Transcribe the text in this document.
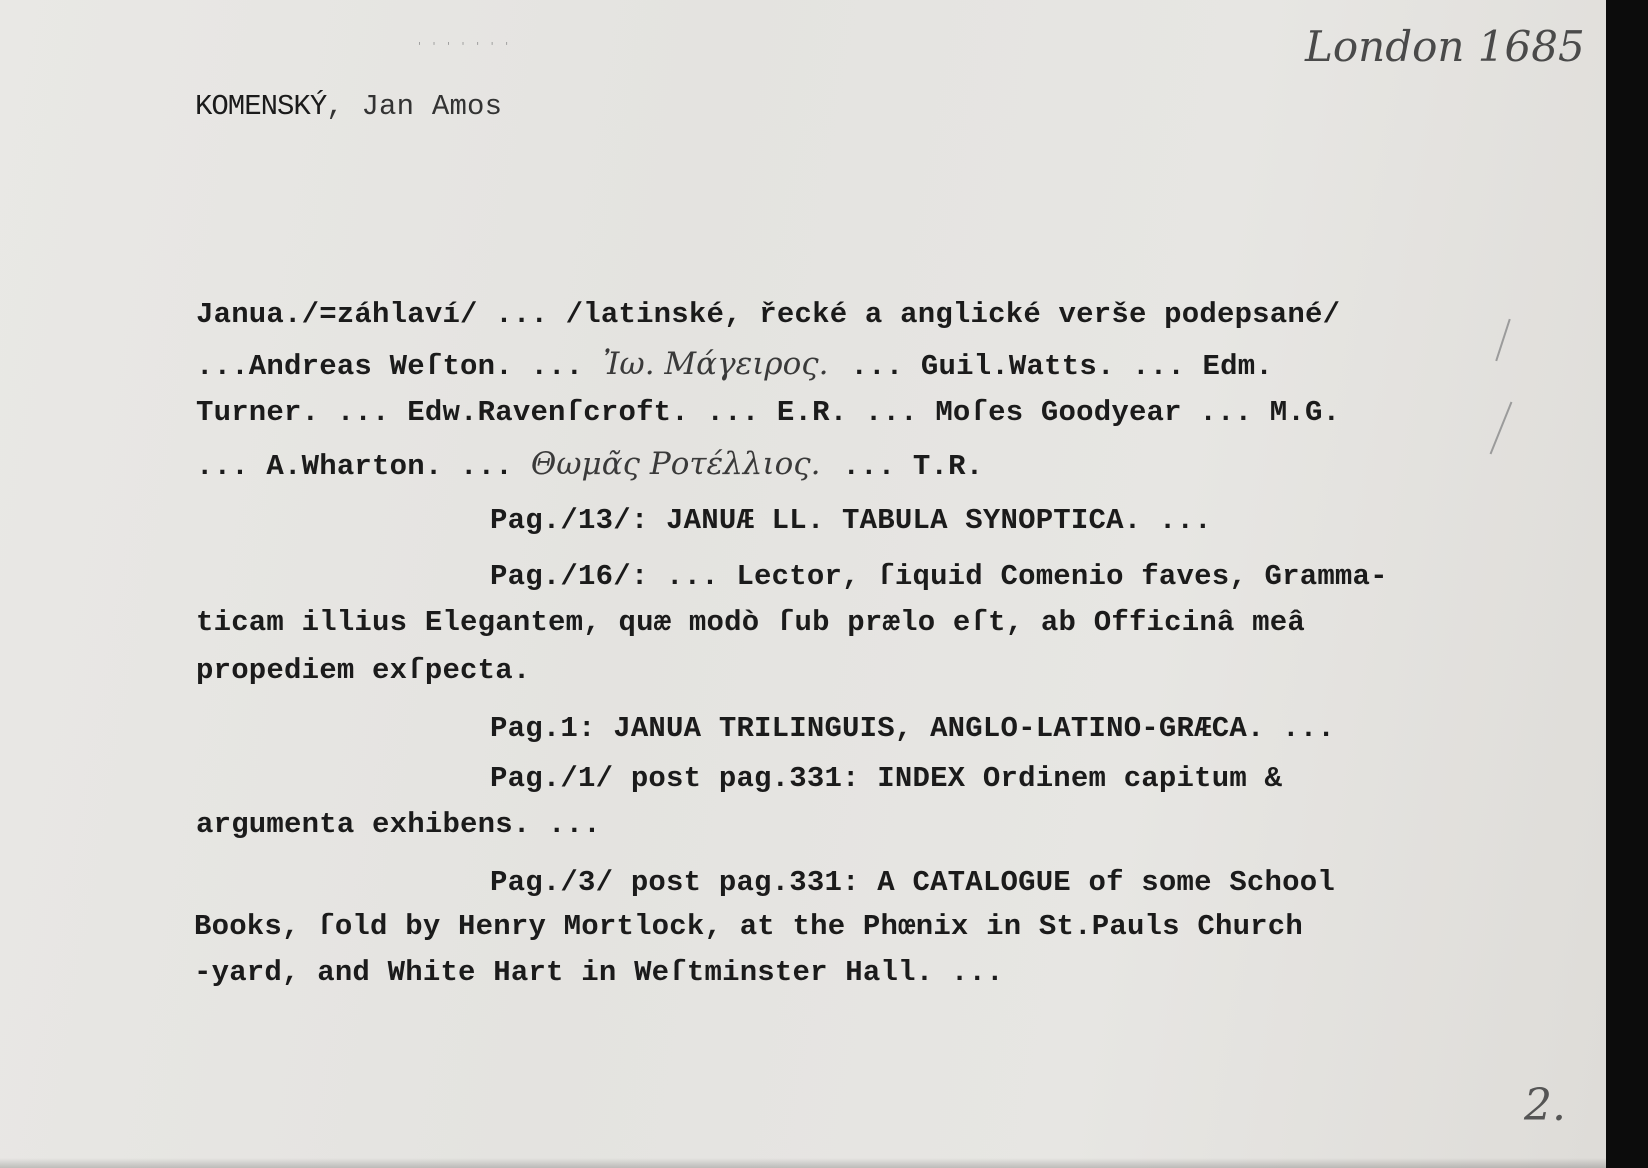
' ' ' ' ' ' '	London 1685
KOMENSKÝ, Jan Amos
Janua./=záhlaví/ ... /latinské, řecké a anglické verše podepsané/
...Andreas Weſton. ... Ἰω. Μάγειρος. ... Guil.Watts. ... Edm.
Turner. ... Edw.Ravenſcroft. ... E.R. ... Moſes Goodyear ... M.G.
... A.Wharton. ... Θωμᾶς Ροτέλλιος. ... T.R.
Pag./13/: JANUÆ LL. TABULA SYNOPTICA. ...
Pag./16/: ... Lector, ſiquid Comenio faves, Gramma-
ticam illius Elegantem, quæ modò ſub prælo eſt, ab Officinâ meâ
propediem exſpecta.
Pag.1: JANUA TRILINGUIS, ANGLO-LATINO-GRÆCA. ...
Pag./1/ post pag.331: INDEX Ordinem capitum &
argumenta exhibens. ...
Pag./3/ post pag.331: A CATALOGUE of some School
Books, ſold by Henry Mortlock, at the Phœnix in St.Pauls Church
-yard, and White Hart in Weſtminster Hall. ...
2.
